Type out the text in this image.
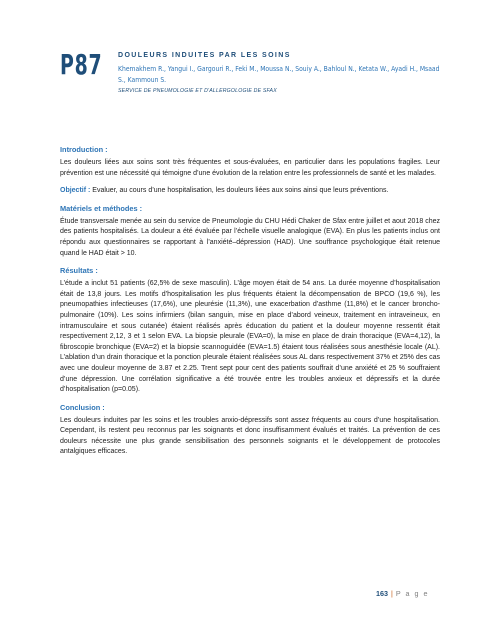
P87 DOULEURS INDUITES PAR LES SOINS
Khemakhem R., Yangui I., Gargouri R., Feki M., Moussa N., Souiy A., Bahloul N., Ketata W., Ayadi H., Msaad S., Kammoun S.
SERVICE DE PNEUMOLOGIE ET D'ALLERGOLOGIE DE SFAX
Introduction :
Les douleurs liées aux soins sont très fréquentes et sous-évaluées, en particulier dans les populations fragiles. Leur prévention est une nécessité qui témoigne d’une évolution de la relation entre les professionnels de santé et les malades.
Objectif : Evaluer, au cours d’une hospitalisation, les douleurs liées aux soins ainsi que leurs préventions.
Matériels et méthodes :
Étude transversale menée au sein du service de Pneumologie du CHU Hédi Chaker de Sfax entre juillet et aout 2018 chez des patients hospitalisés. La douleur a été évaluée par l’échelle visuelle analogique (EVA). En plus les patients inclus ont répondu aux questionnaires se rapportant à l’anxiété–dépression (HAD). Une souffrance psychologique était retenue quand le HAD était > 10.
Résultats :
L’étude a inclut 51 patients (62,5% de sexe masculin). L’âge moyen était de 54 ans. La durée moyenne d’hospitalisation était de 13,8 jours. Les motifs d’hospitalisation les plus fréquents étaient la décompensation de BPCO (19,6 %), les pneumopathies infectieuses (17,6%), une pleurésie (11,3%), une exacerbation d’asthme (11,8%) et le cancer broncho-pulmonaire (10%). Les soins infirmiers (bilan sanguin, mise en place d’abord veineux, traitement en intraveineux, en intramusculaire et sous cutanée) étaient réalisés après éducation du patient et la douleur moyenne ressentit était respectivement 2,12, 3 et 1 selon EVA. La biopsie pleurale (EVA=0), la mise en place de drain thoracique (EVA=4,12), la fibroscopie bronchique (EVA=2) et la biopsie scannoguidée (EVA=1.5) étaient tous réalisées sous anesthésie locale (AL). L’ablation d’un drain thoracique et la ponction pleurale étaient réalisées sous AL dans respectivement 37% et 25% des cas avec une douleur moyenne de 3.87 et 2.25. Trent sept pour cent des patients souffrait d’une anxiété et 25 % souffraient d’une dépression. Une corrélation significative a été trouvée entre les troubles anxieux et dépressifs et la durée d’hospitalisation (p=0.05).
Conclusion :
Les douleurs induites par les soins et les troubles anxio-dépressifs sont assez fréquents au cours d’une hospitalisation. Cependant, ils restent peu reconnus par les soignants et donc insuffisamment évalués et traités. La prévention de ces douleurs nécessite une plus grande sensibilisation des personnels soignants et le développement de protocoles antalgiques efficaces.
163 | P a g e
